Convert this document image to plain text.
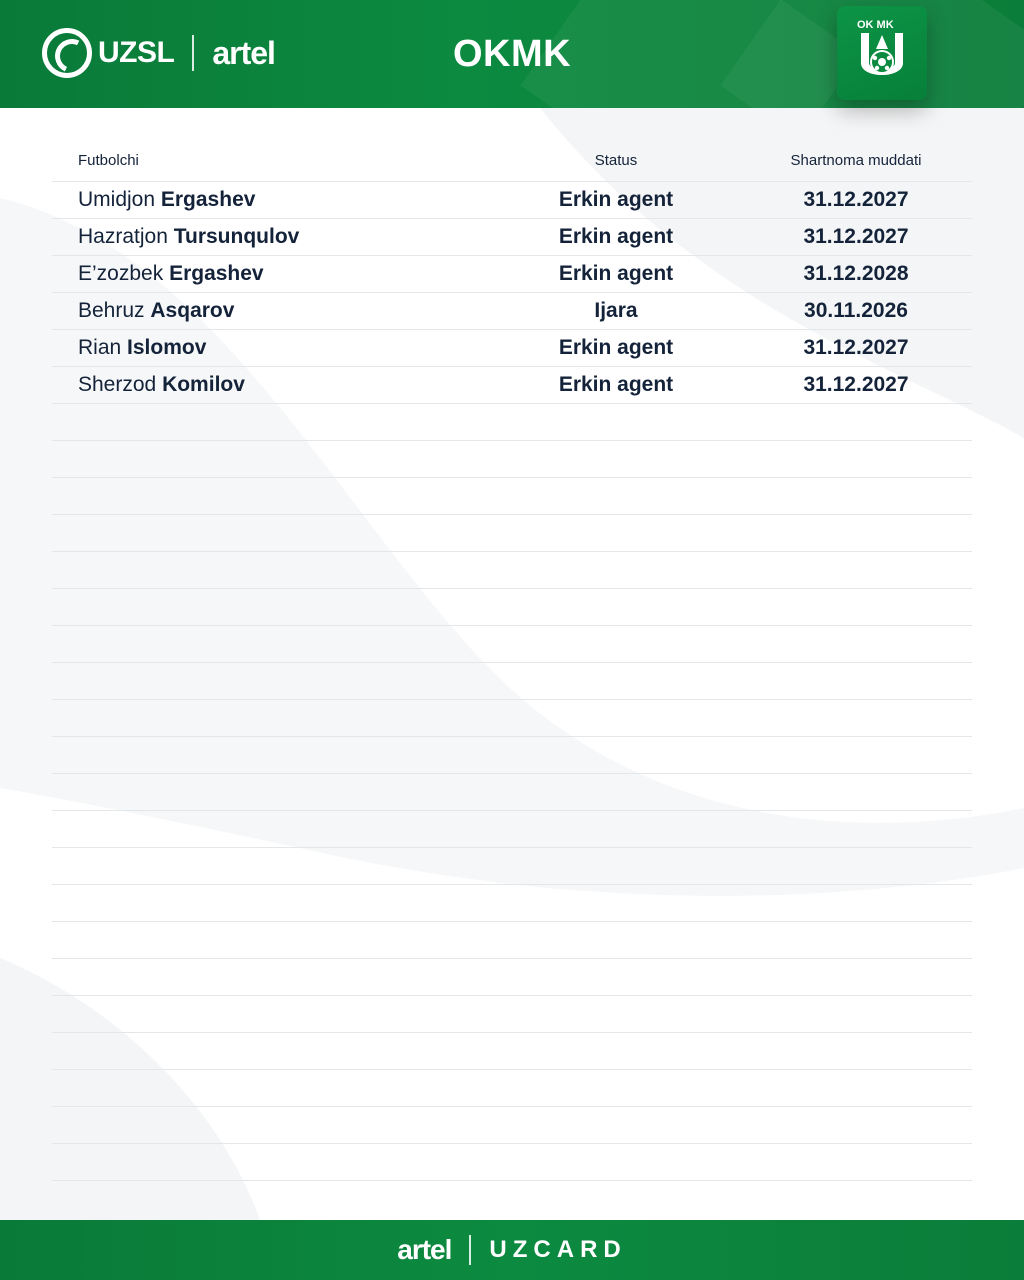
UZSL artel	OKMK
OK MK
Futbolchi	Status	Shartnoma muddati
Umidjon Ergashev	Erkin agent	31.12.2027
Hazratjon Tursunqulov	Erkin agent	31.12.2027
E’zozbek Ergashev	Erkin agent	31.12.2028
Behruz Asqarov	Ijara	30.11.2026
Rian Islomov	Erkin agent	31.12.2027
Sherzod Komilov	Erkin agent	31.12.2027
artel UZCARD
